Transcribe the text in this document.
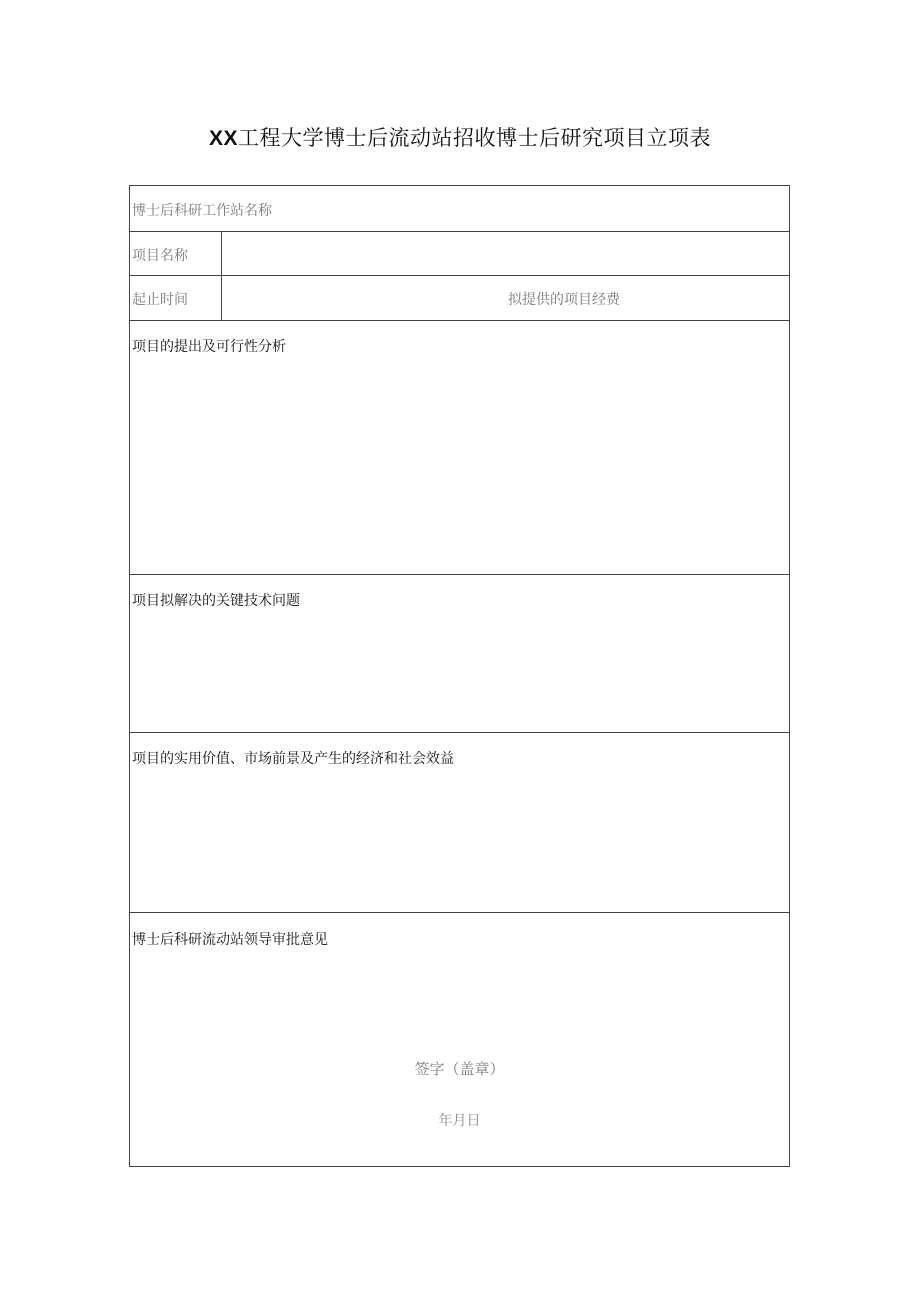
XX工程大学博士后流动站招收博士后研究项目立项表
博士后科研工作站名称
项目名称
起止时间	拟提供的项目经费
项目的提出及可行性分析
项目拟解决的关键技术问题
项目的实用价值、市场前景及产生的经济和社会效益
博士后科研流动站领导审批意见
签字（盖章）
年月日
